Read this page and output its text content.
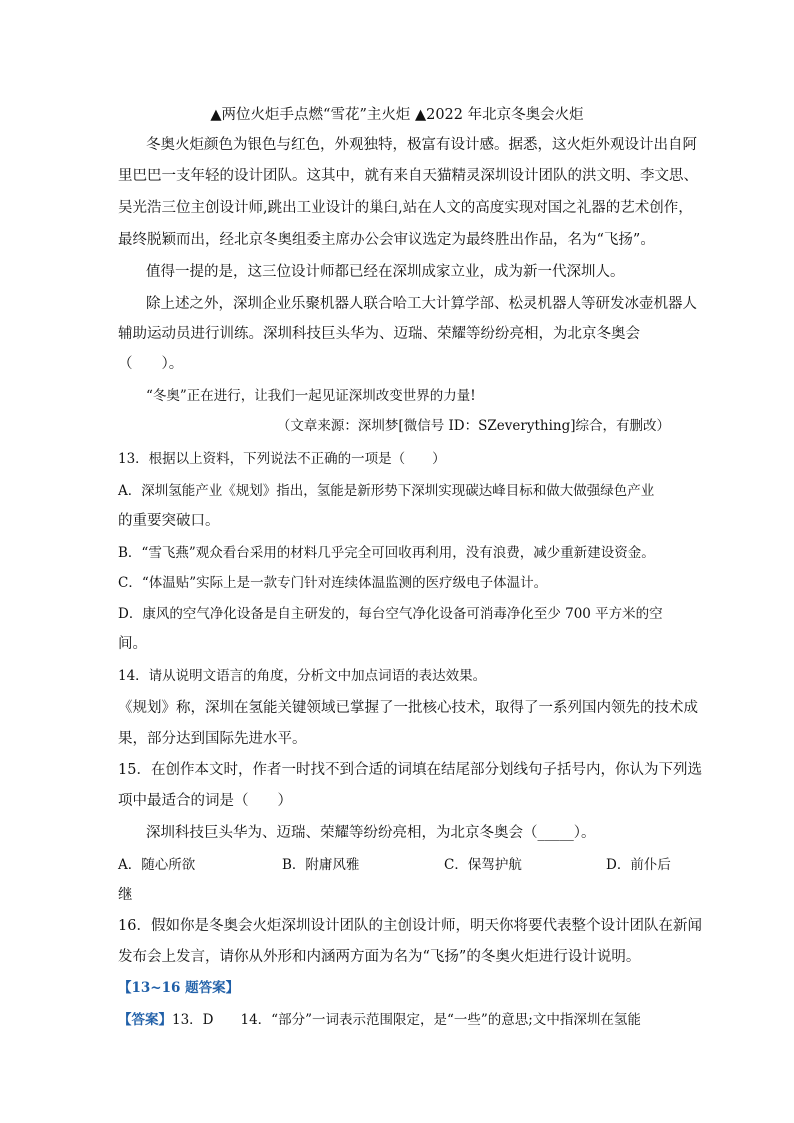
▲两位火炬手点燃“雪花”主火炬 ▲2022 年北京冬奥会火炬
冬奥火炬颜色为银色与红色，外观独特，极富有设计感。据悉，这火炬外观设计出自阿
里巴巴一支年轻的设计团队。这其中，就有来自天猫精灵深圳设计团队的洪文明、李文思、
吴光浩三位主创设计师,跳出工业设计的巢臼,站在人文的高度实现对国之礼器的艺术创作，
最终脱颖而出，经北京冬奥组委主席办公会审议选定为最终胜出作品，名为“飞扬”。
值得一提的是，这三位设计师都已经在深圳成家立业，成为新一代深圳人。
除上述之外，深圳企业乐聚机器人联合哈工大计算学部、松灵机器人等研发冰壶机器人
辅助运动员进行训练。深圳科技巨头华为、迈瑞、荣耀等纷纷亮相，为北京冬奥会
（　　）。
“冬奥”正在进行，让我们一起见证深圳改变世界的力量!
（文章来源：深圳梦[微信号 ID：SZeverything]综合，有删改）
13．根据以上资料，下列说法不正确的一项是（　　）
A．深圳氢能产业《规划》指出，氢能是新形势下深圳实现碳达峰目标和做大做强绿色产业
的重要突破口。
B．“雪飞燕”观众看台采用的材料几乎完全可回收再利用，没有浪费，减少重新建设资金。
C．“体温贴”实际上是一款专门针对连续体温监测的医疗级电子体温计。
D．康风的空气净化设备是自主研发的，每台空气净化设备可消毒净化至少 700 平方米的空
间。
14．请从说明文语言的角度，分析文中加点词语的表达效果。
《规划》称，深圳在氢能关键领域已掌握了一批核心技术，取得了一系列国内领先的技术成
果，部分达到国际先进水平。
15．在创作本文时，作者一时找不到合适的词填在结尾部分划线句子括号内，你认为下列选
项中最适合的词是（　　）
深圳科技巨头华为、迈瑞、荣耀等纷纷亮相，为北京冬奥会（_____）。
A．随心所欲	B．附庸风雅	C．保驾护航	D．前仆后
继
16．假如你是冬奥会火炬深圳设计团队的主创设计师，明天你将要代表整个设计团队在新闻
发布会上发言，请你从外形和内涵两方面为名为“飞扬”的冬奥火炬进行设计说明。
【13~16 题答案】
【答案】13．D　　14．“部分”一词表示范围限定，是“一些”的意思;文中指深圳在氢能
